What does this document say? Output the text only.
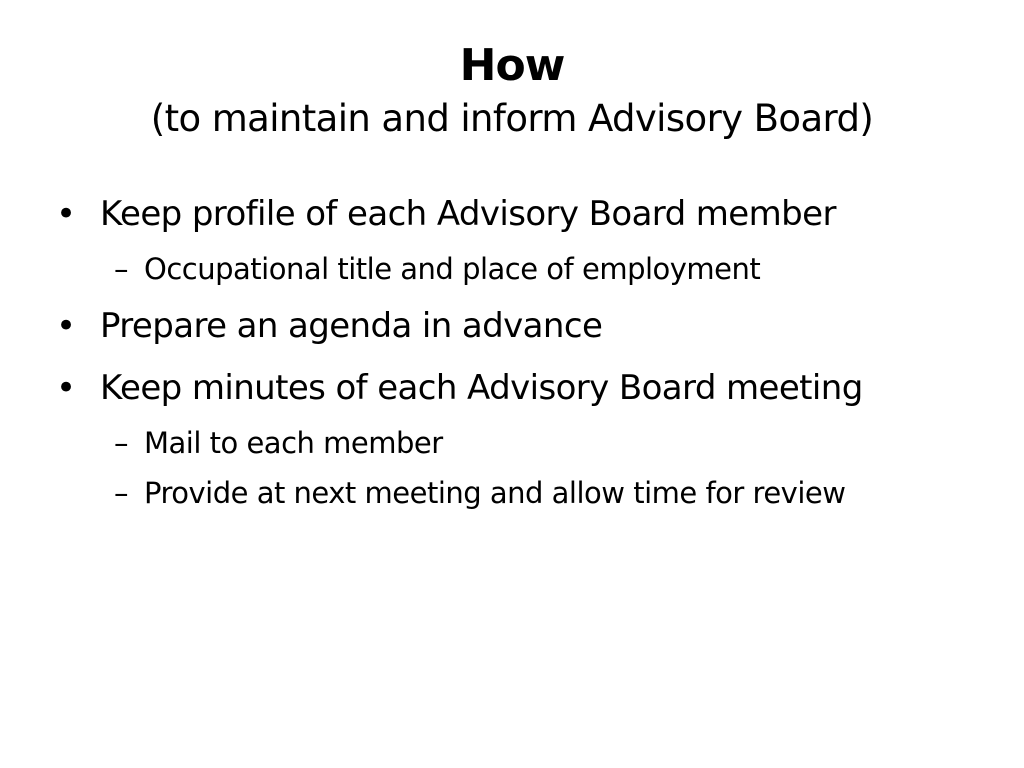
How
(to maintain and inform Advisory Board)
• Keep profile of each Advisory Board member
– Occupational title and place of employment
• Prepare an agenda in advance
• Keep minutes of each Advisory Board meeting
– Mail to each member
– Provide at next meeting and allow time for review
